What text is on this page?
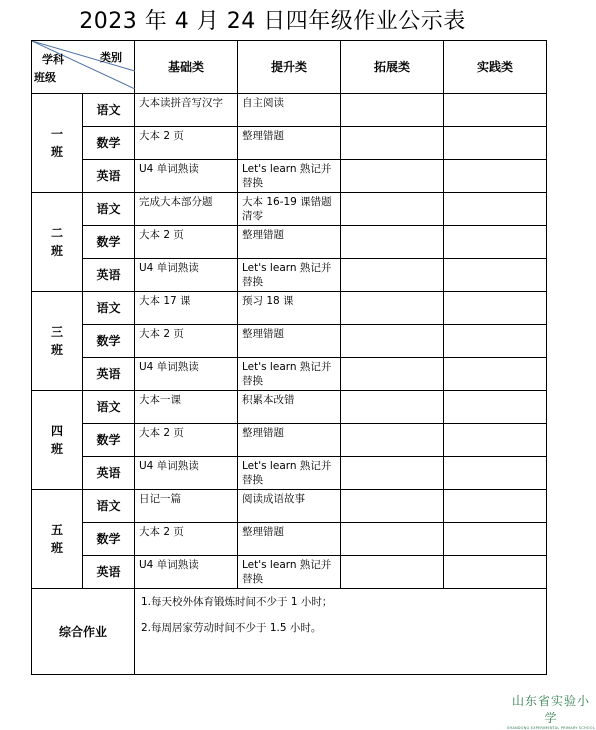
2023 年 4 月 24 日四年级作业公示表
学科 类别
班级		基础类	提升类	拓展类	实践类

一
班	语文	大本读拼音写汉字	自主阅读		
	数学	大本 2 页	整理错题		
	英语	U4 单词熟读	Let's learn 熟记并替换		

二
班	语文	完成大本部分题	大本 16-19 课错题清零		
	数学	大本 2 页	整理错题		
	英语	U4 单词熟读	Let's learn 熟记并替换		

三
班	语文	大本 17 课	预习 18 课		
	数学	大本 2 页	整理错题		
	英语	U4 单词熟读	Let's learn 熟记并替换		

四
班	语文	大本一课	积累本改错		
	数学	大本 2 页	整理错题		
	英语	U4 单词熟读	Let's learn 熟记并替换		

五
班	语文	日记一篇	阅读成语故事		
	数学	大本 2 页	整理错题		
	英语	U4 单词熟读	Let's learn 熟记并替换		
综合作业		1.每天校外体育锻炼时间不少于 1 小时；

2.每周居家劳动时间不少于 1.5 小时。			

山东省实验小学
SHANDONG EXPERIMENTAL PRIMARY SCHOOL
